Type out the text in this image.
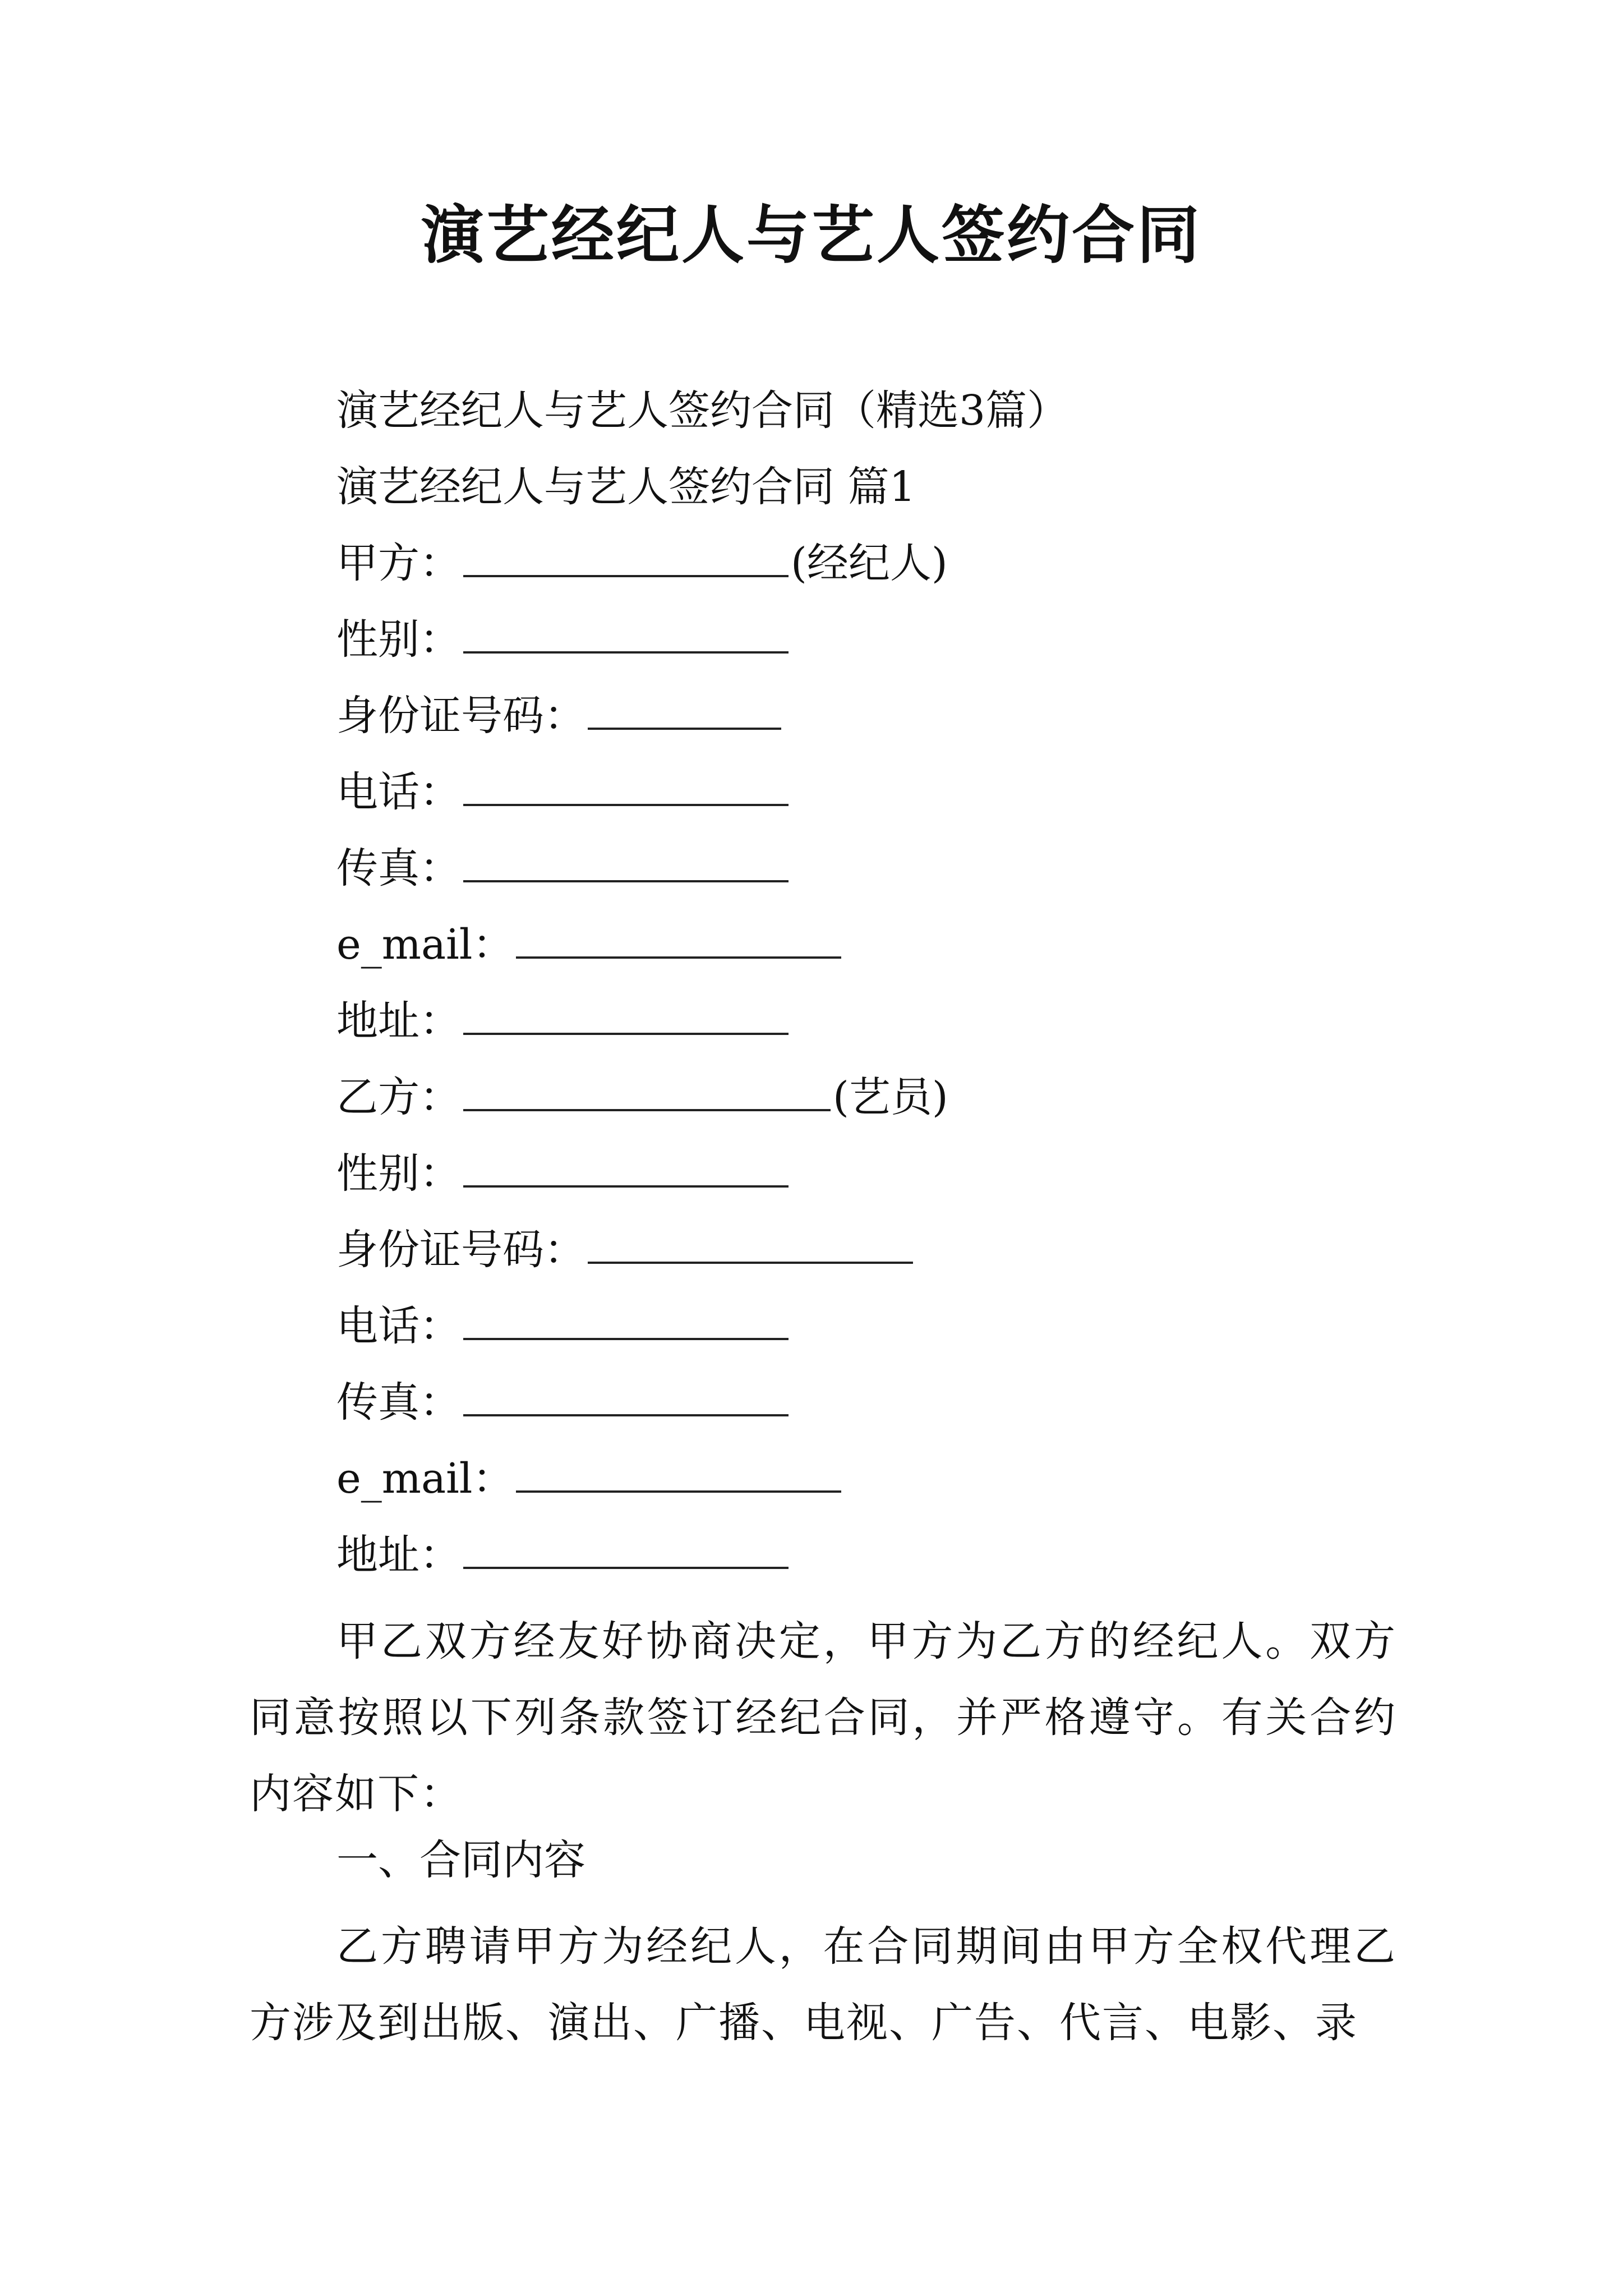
演艺经纪人与艺人签约合同
演艺经纪人与艺人签约合同（精选3篇）
演艺经纪人与艺人签约合同 篇1
甲方：	(经纪人)
性别：
身份证号码：
电话：
传真：
e_mail：
地址：
乙方：	(艺员)
性别：
身份证号码：
电话：
传真：
e_mail：
地址：
甲乙双方经友好协商决定，甲方为乙方的经纪人。双方同意按照以下列条款签订经纪合同，并严格遵守。有关合约内容如下：
一、合同内容
乙方聘请甲方为经纪人，在合同期间由甲方全权代理乙方涉及到出版、演出、广播、电视、广告、代言、电影、录
